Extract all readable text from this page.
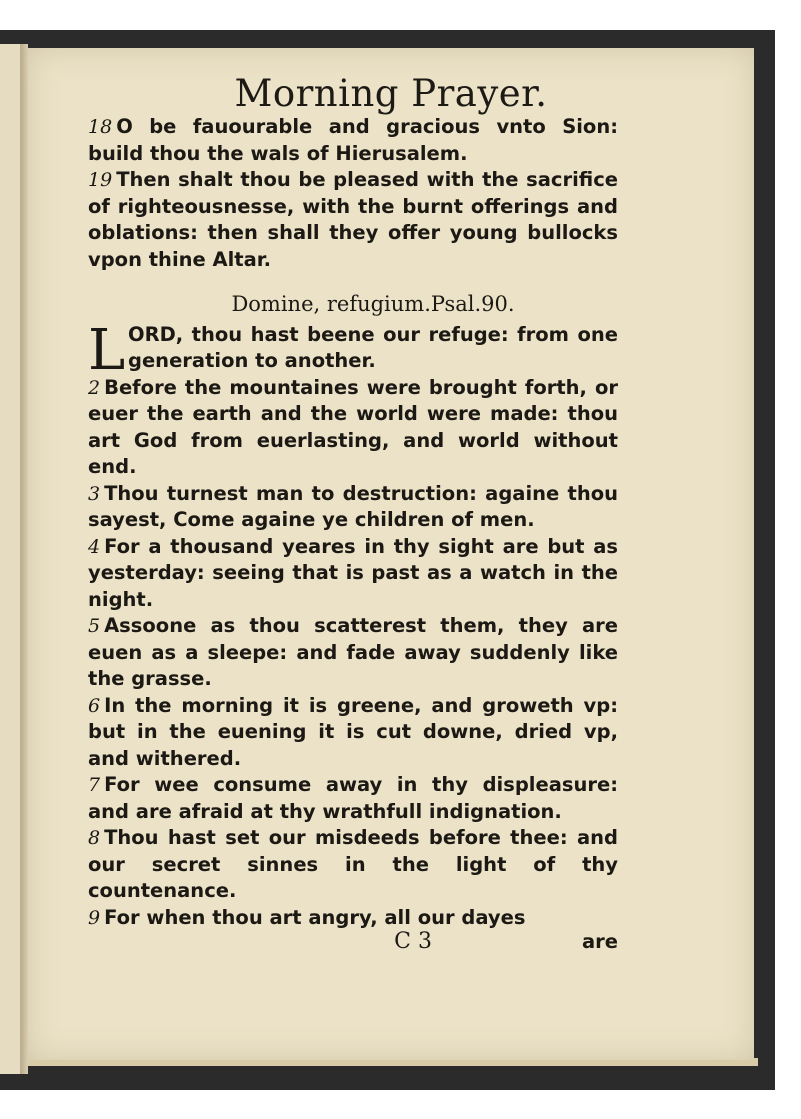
Morning Prayer.

18 O be fauourable and gracious vnto Sion: build thou the wals of Hierusalem.

19 Then shalt thou be pleased with the sacrifice of righteousnesse, with the burnt offerings and oblations: then shall they offer young bullocks vpon thine Altar.

Domine, refugium.Psal.90.

L ORD, thou hast beene our refuge: from one generation to another.

2 Before the mountaines were brought forth, or euer the earth and the world were made: thou art God from euerlasting, and world without end.

3 Thou turnest man to destruction: againe thou sayest, Come againe ye children of men.

4 For a thousand yeares in thy sight are but as yesterday: seeing that is past as a watch in the night.

5 Assoone as thou scatterest them, they are euen as a sleepe: and fade away suddenly like the grasse.

6 In the morning it is greene, and groweth vp: but in the euening it is cut downe, dried vp, and withered.

7 For wee consume away in thy displeasure: and are afraid at thy wrathfull indignation.

8 Thou hast set our misdeeds before thee: and our secret sinnes in the light of thy countenance.

9 For when thou art angry, all our dayes

C 3	are
